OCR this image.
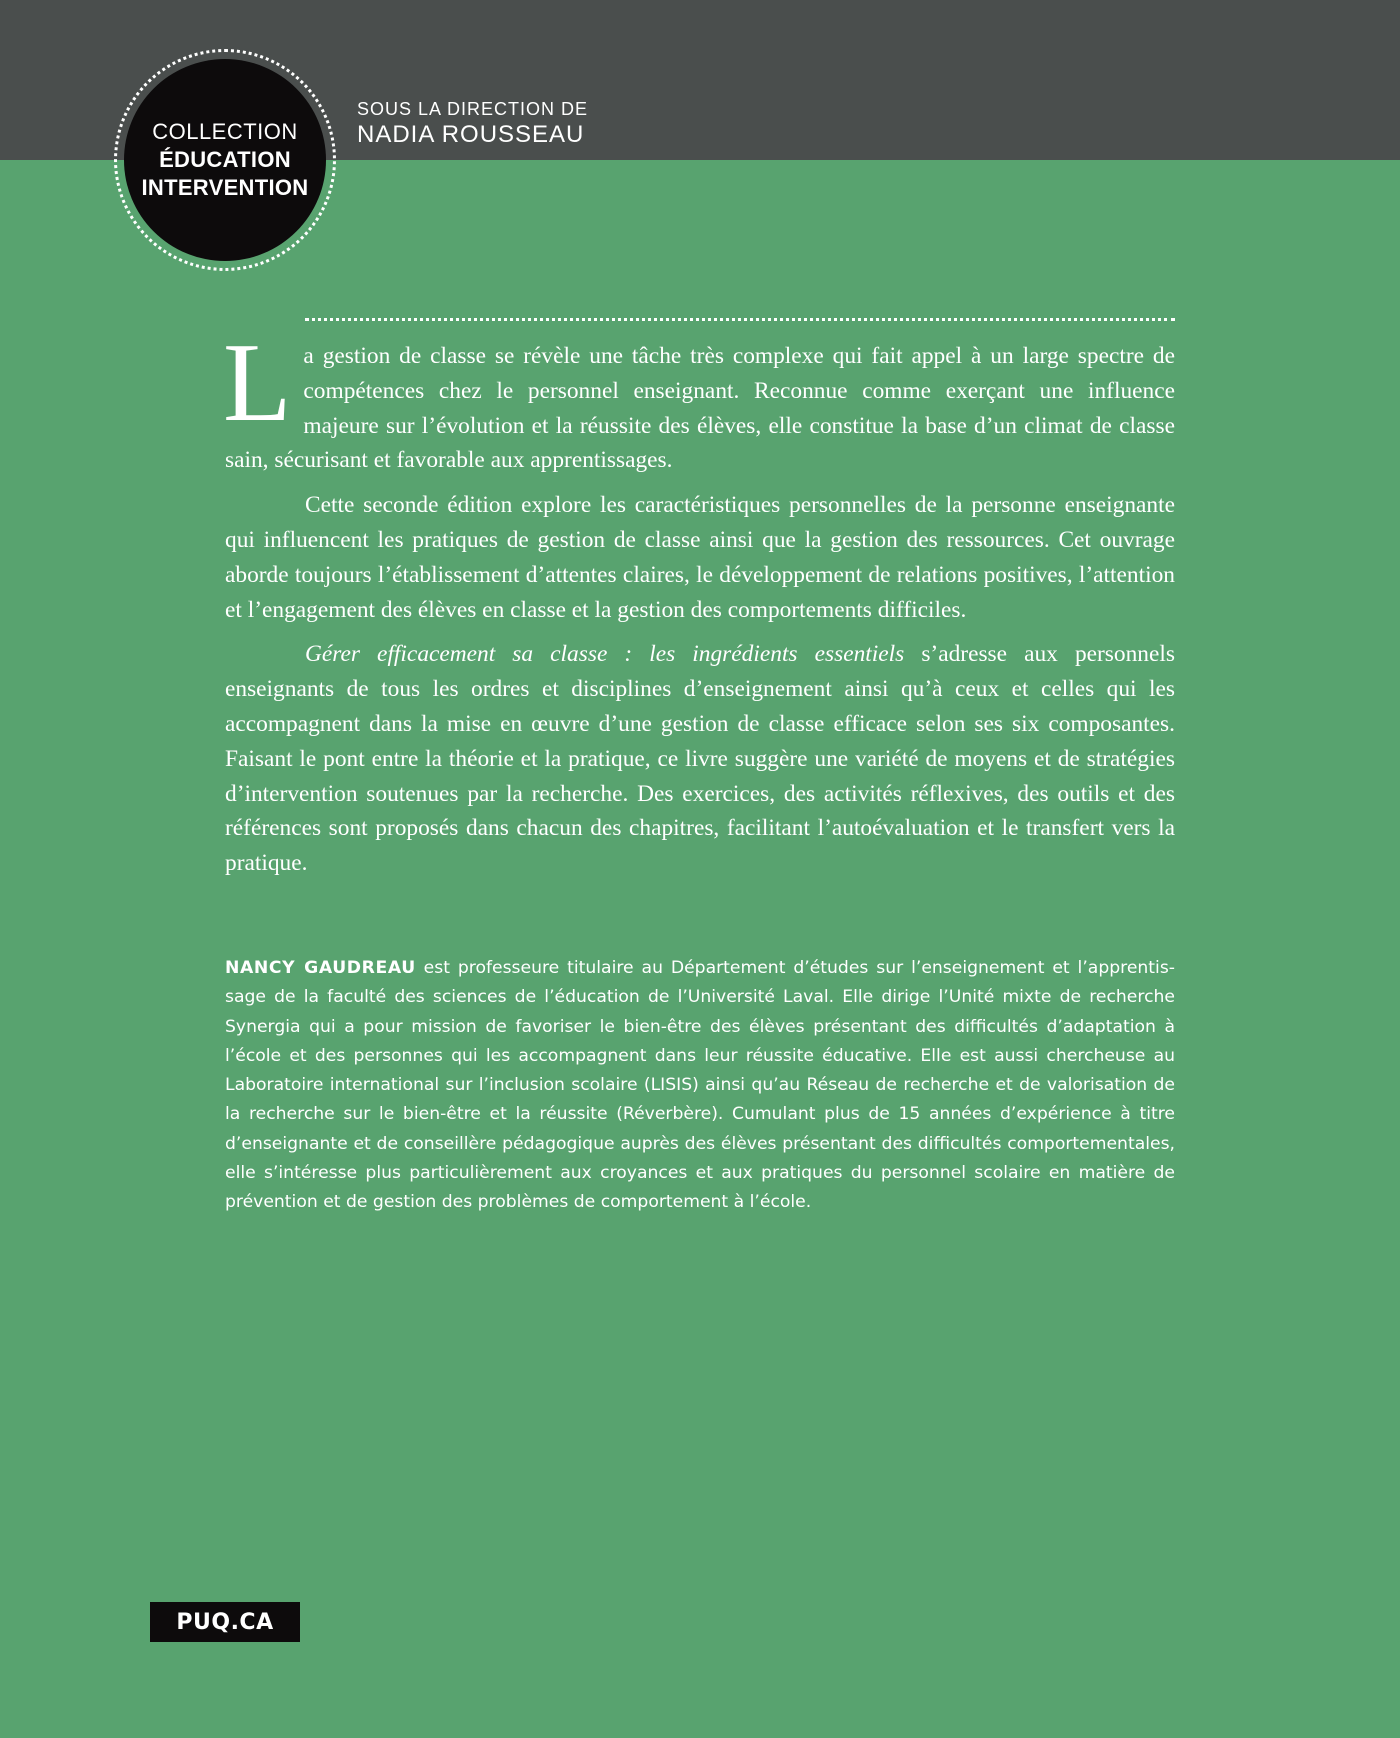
COLLECTION
ÉDUCATION
INTERVENTION
SOUS LA DIRECTION DE
NADIA ROUSSEAU

La gestion de classe se révèle une tâche très complexe qui fait appel à un large spectre de compétences chez le personnel enseignant. Reconnue comme exerçant une influence majeure sur l’évolution et la réussite des élèves, elle constitue la base d’un climat de classe sain, sécurisant et favorable aux apprentissages.

Cette seconde édition explore les caractéristiques personnelles de la personne enseignante qui influencent les pratiques de gestion de classe ainsi que la gestion des ressources. Cet ouvrage aborde toujours l’établissement d’attentes claires, le développement de relations positives, l’attention et l’engagement des élèves en classe et la gestion des comportements difficiles.

Gérer efficacement sa classe : les ingrédients essentiels s’adresse aux personnels enseignants de tous les ordres et disciplines d’enseignement ainsi qu’à ceux et celles qui les accompagnent dans la mise en œuvre d’une gestion de classe efficace selon ses six composantes. Faisant le pont entre la théorie et la pratique, ce livre suggère une variété de moyens et de stratégies d’intervention soutenues par la recherche. Des exercices, des activités réflexives, des outils et des références sont proposés dans chacun des chapitres, facilitant l’autoévaluation et le transfert vers la pratique.

NANCY GAUDREAU est professeure titulaire au Département d’études sur l’enseignement et l’apprentissage de la faculté des sciences de l’éducation de l’Université Laval. Elle dirige l’Unité mixte de recherche Synergia qui a pour mission de favoriser le bien-être des élèves présentant des difficultés d’adaptation à l’école et des personnes qui les accompagnent dans leur réussite éducative. Elle est aussi chercheuse au Laboratoire international sur l’inclusion scolaire (LISIS) ainsi qu’au Réseau de recherche et de valorisation de la recherche sur le bien-être et la réussite (Réverbère). Cumulant plus de 15 années d’expérience à titre d’enseignante et de conseillère pédagogique auprès des élèves présentant des difficultés comportementales, elle s’intéresse plus particulièrement aux croyances et aux pratiques du personnel scolaire en matière de prévention et de gestion des problèmes de comportement à l’école.
PUQ.CA
